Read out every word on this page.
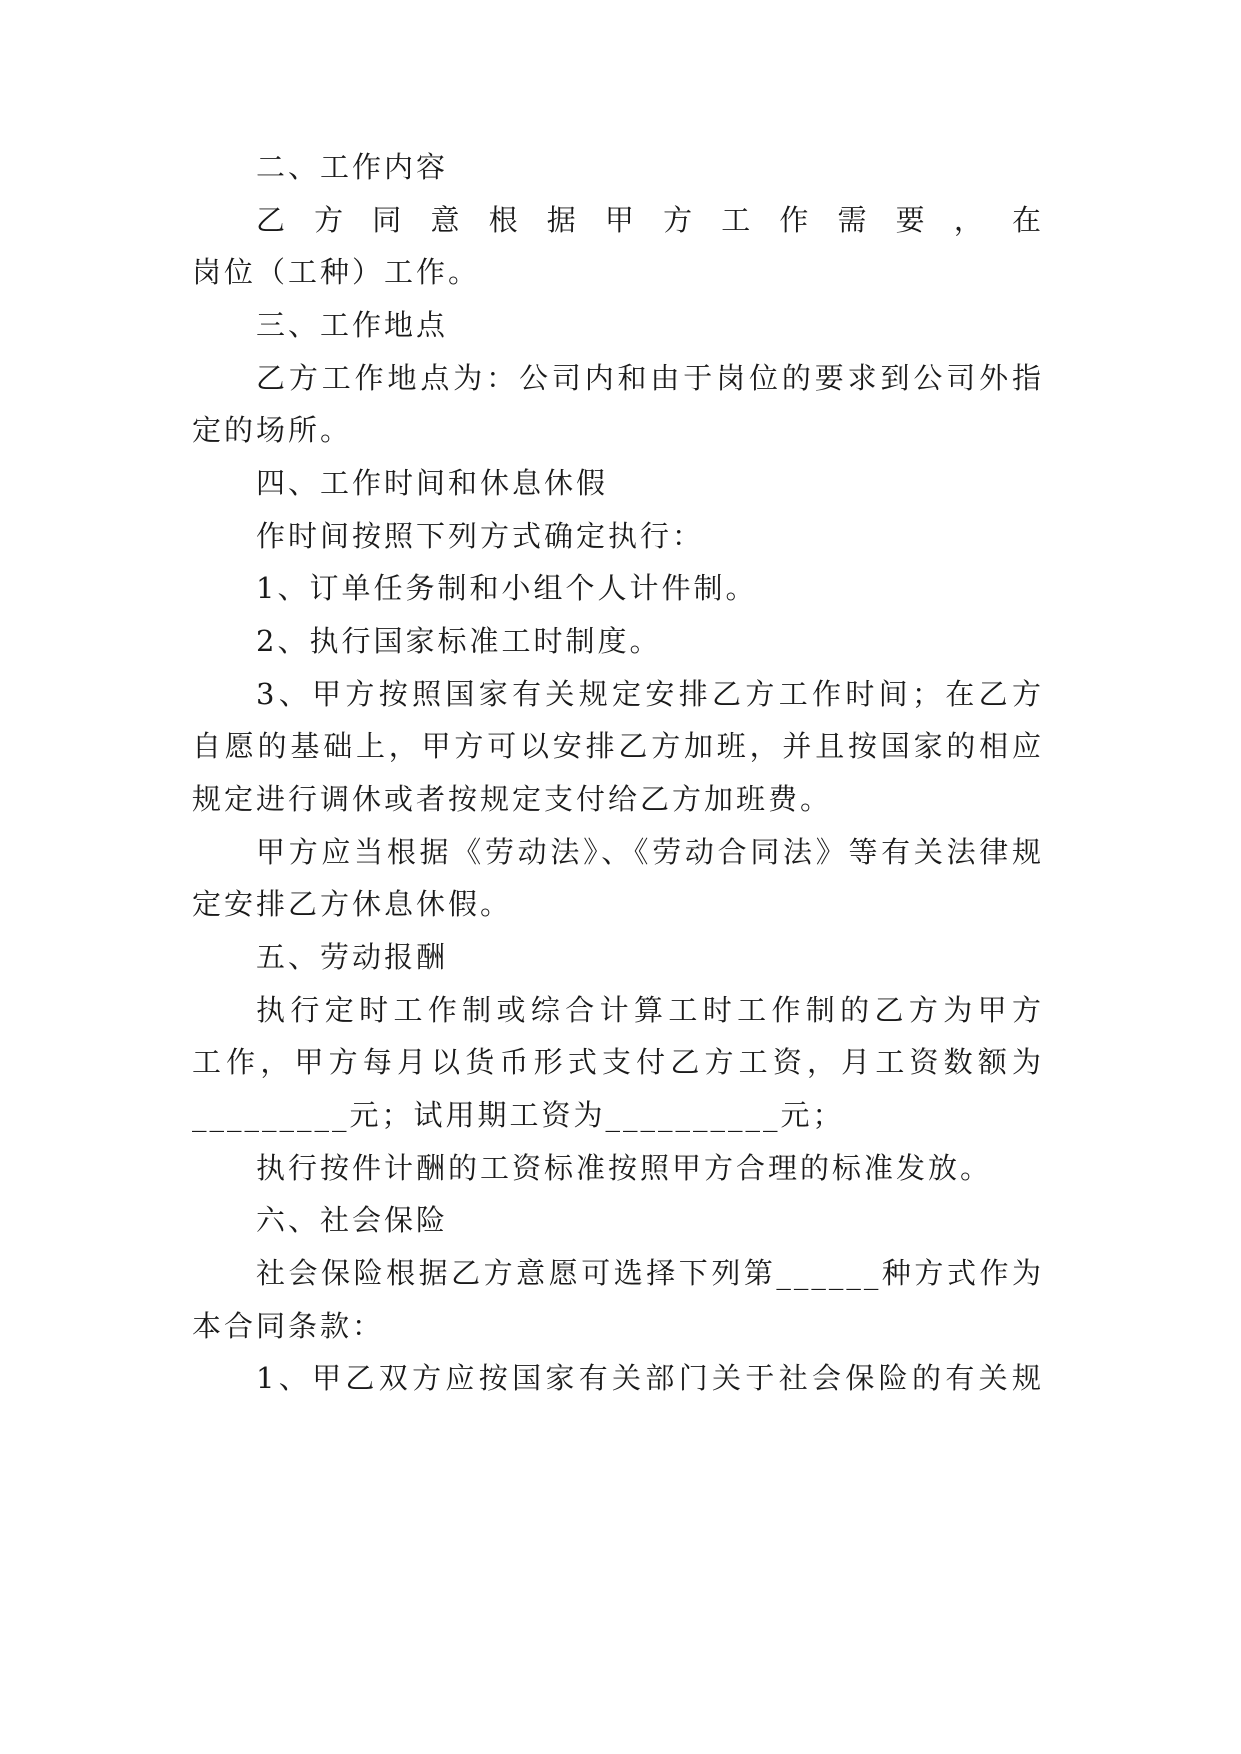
二、工作内容

乙方同意根据甲方工作需要，在

岗位（工种）工作。

三、工作地点

乙方工作地点为：公司内和由于岗位的要求到公司外指

定的场所。

四、工作时间和休息休假

作时间按照下列方式确定执行：

1、订单任务制和小组个人计件制。

2、执行国家标准工时制度。

3、甲方按照国家有关规定安排乙方工作时间；在乙方

自愿的基础上，甲方可以安排乙方加班，并且按国家的相应

规定进行调休或者按规定支付给乙方加班费。

甲方应当根据《劳动法》、《劳动合同法》等有关法律规

定安排乙方休息休假。

五、劳动报酬

执行定时工作制或综合计算工时工作制的乙方为甲方

工作，甲方每月以货币形式支付乙方工资，月工资数额为

_________元；试用期工资为__________元；

执行按件计酬的工资标准按照甲方合理的标准发放。

六、社会保险

社会保险根据乙方意愿可选择下列第______种方式作为

本合同条款：

1、甲乙双方应按国家有关部门关于社会保险的有关规
